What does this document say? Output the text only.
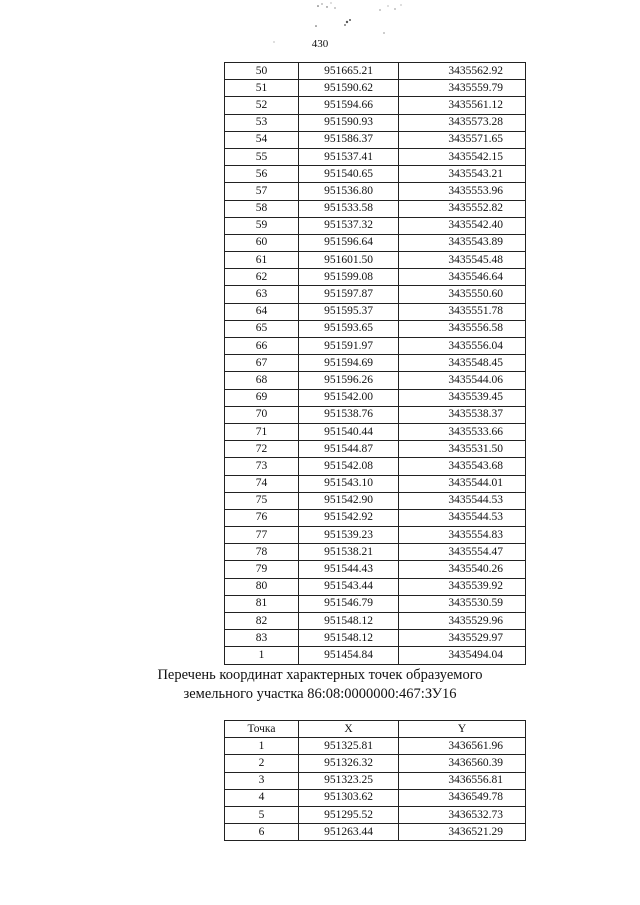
430
50	951665.21	3435562.92
51	951590.62	3435559.79
52	951594.66	3435561.12
53	951590.93	3435573.28
54	951586.37	3435571.65
55	951537.41	3435542.15
56	951540.65	3435543.21
57	951536.80	3435553.96
58	951533.58	3435552.82
59	951537.32	3435542.40
60	951596.64	3435543.89
61	951601.50	3435545.48
62	951599.08	3435546.64
63	951597.87	3435550.60
64	951595.37	3435551.78
65	951593.65	3435556.58
66	951591.97	3435556.04
67	951594.69	3435548.45
68	951596.26	3435544.06
69	951542.00	3435539.45
70	951538.76	3435538.37
71	951540.44	3435533.66
72	951544.87	3435531.50
73	951542.08	3435543.68
74	951543.10	3435544.01
75	951542.90	3435544.53
76	951542.92	3435544.53
77	951539.23	3435554.83
78	951538.21	3435554.47
79	951544.43	3435540.26
80	951543.44	3435539.92
81	951546.79	3435530.59
82	951548.12	3435529.96
83	951548.12	3435529.97
1	951454.84	3435494.04
Перечень координат характерных точек образуемого
земельного участка 86:08:0000000:467:ЗУ16
Точка	X	Y
1	951325.81	3436561.96
2	951326.32	3436560.39
3	951323.25	3436556.81
4	951303.62	3436549.78
5	951295.52	3436532.73
6	951263.44	3436521.29
